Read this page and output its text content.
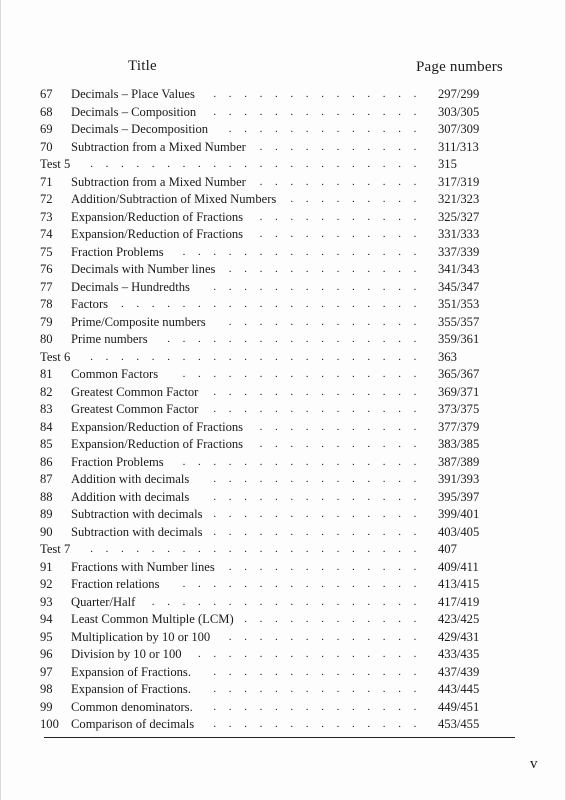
Title	Page numbers
67	Decimals – Place Values	297/299
. . . . . . . . . . . . . .
68	Decimals – Composition	303/305
. . . . . . . . . . . . . .
69	Decimals – Decomposition	307/309
. . . . . . . . . . . . .
70	Subtraction from a Mixed Number	311/313
. . . . . . . . . . .
Test 5	315
. . . . . . . . . . . . . . . . . . . . . .
71	Subtraction from a Mixed Number	317/319
. . . . . . . . . . .
72	Addition/Subtraction of Mixed Numbers	321/323
. . . . . . . . .
73	Expansion/Reduction of Fractions	325/327
. . . . . . . . . . .
74	Expansion/Reduction of Fractions	331/333
. . . . . . . . . . .
75	Fraction Problems	337/339
. . . . . . . . . . . . . . . .
76	Decimals with Number lines	341/343
. . . . . . . . . . . . .
77	Decimals – Hundredths	345/347
. . . . . . . . . . . . . .
78	Factors	351/353
. . . . . . . . . . . . . . . . . . . .
79	Prime/Composite numbers	355/357
. . . . . . . . . . . . .
80	Prime numbers	359/361
. . . . . . . . . . . . . . . . .
Test 6	363
. . . . . . . . . . . . . . . . . . . . . .
81	Common Factors	365/367
. . . . . . . . . . . . . . . .
82	Greatest Common Factor	369/371
. . . . . . . . . . . . . .
83	Greatest Common Factor	373/375
. . . . . . . . . . . . . .
84	Expansion/Reduction of Fractions	377/379
. . . . . . . . . . .
85	Expansion/Reduction of Fractions	383/385
. . . . . . . . . . .
86	Fraction Problems	387/389
. . . . . . . . . . . . . . . .
87	Addition with decimals	391/393
. . . . . . . . . . . . . .
88	Addition with decimals	395/397
. . . . . . . . . . . . . .
89	Subtraction with decimals	399/401
. . . . . . . . . . . . . .
90	Subtraction with decimals	403/405
. . . . . . . . . . . . . .
Test 7	407
. . . . . . . . . . . . . . . . . . . . . .
91	Fractions with Number lines	409/411
. . . . . . . . . . . . .
92	Fraction relations	413/415
. . . . . . . . . . . . . . . .
93	Quarter/Half	417/419
. . . . . . . . . . . . . . . . . .
94	Least Common Multiple (LCM)	423/425
. . . . . . . . . . . .
95	Multiplication by 10 or 100	429/431
. . . . . . . . . . . . .
96	Division by 10 or 100	433/435
. . . . . . . . . . . . . . .
97	Expansion of Fractions.	437/439
. . . . . . . . . . . . . .
98	Expansion of Fractions.	443/445
. . . . . . . . . . . . . .
99	Common denominators.	449/451
. . . . . . . . . . . . . .
100 Comparison of decimals	453/455
. . . . . . . . . . . . . .
v
